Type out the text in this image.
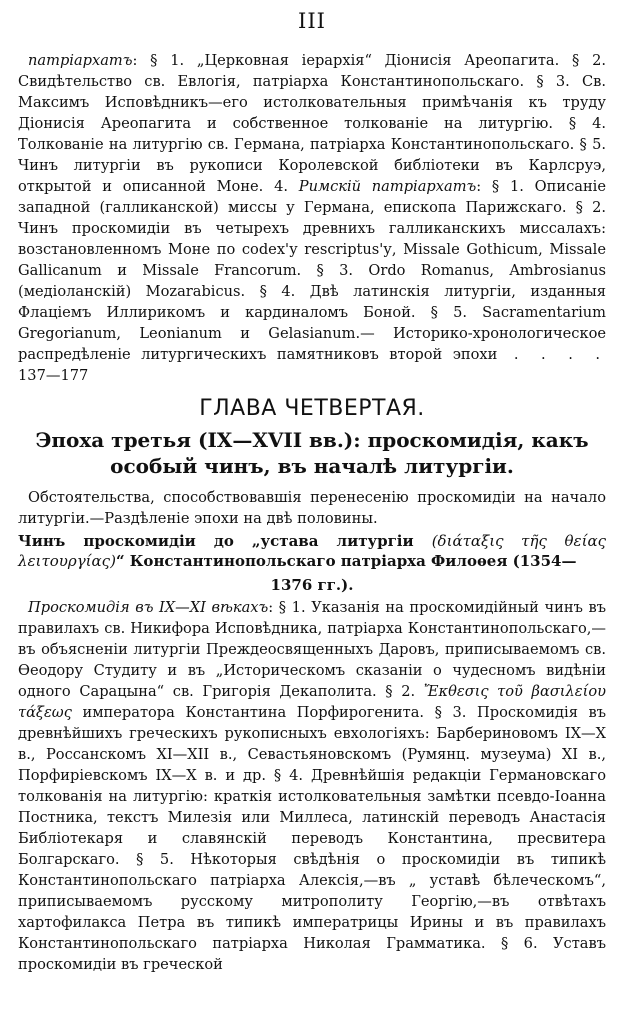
III

патріархатъ: § 1. „Церковная іерархія“ Діонисія Ареопагита. § 2. Свидѣтельство св. Евлогія, патріарха Константинопольскаго. § 3. Св. Максимъ Исповѣдникъ—его истолковательныя примѣчанія къ труду Діонисія Ареопагита и собственное толкованіе на литургію. § 4. Толкованіе на литургію св. Германа, патріарха Константинопольскаго. § 5. Чинъ литургіи въ рукописи Королевской библіотеки въ Карлсруэ, открытой и описанной Моне. 4. Римскій патріархатъ: § 1. Описаніе западной (галликанской) миссы у Германа, епископа Парижскаго. § 2. Чинъ проскомидіи въ четырехъ древнихъ галликанскихъ миссалахъ: возстановленномъ Моне по codex'у rescriptus'у, Missale Gothicum, Missale Gallicanum и Missale Francorum. § 3. Ordo Romanus, Ambrosianus (медіоланскій) Mozarabicus. § 4. Двѣ латинскія литургіи, изданныя Флаціемъ Иллирикомъ и кардиналомъ Боной. § 5. Sacramentarium Gregorianum, Leonianum и Gelasianum.— Историко-хронологическое распредѣленіе литургическихъ памятниковъ второй эпохи . . . . 137—177

ГЛАВА ЧЕТВЕРТАЯ.
Эпоха третья (IX—XVII вв.): проскомидія, какъ особый чинъ, въ началѣ литургіи.

Обстоятельства, способствовавшія перенесенію проскомидіи на начало литургіи.—Раздѣленіе эпохи на двѣ половины.

Чинъ проскомидіи до „устава литургіи (διάταξις τῆς θείας λειτουργίας)“ Константинопольскаго патріарха Филоѳея (1354—
1376 гг.).

Проскомидія въ IX—XI вѣкахъ: § 1. Указанія на проскомидійный чинъ въ правилахъ св. Никифора Исповѣдника, патріарха Константинопольскаго,—въ объясненіи литургіи Преждеосвященныхъ Даровъ, приписываемомъ св. Ѳеодору Студиту и въ „Историческомъ сказаніи о чудесномъ видѣніи одного Сарацына“ св. Григорія Декаполита. § 2. Ἔκθεσις τοῦ βασιλείου τάξεως императора Константина Порфирогенита. § 3. Проскомидія въ древнѣйшихъ греческихъ рукописныхъ евхологіяхъ: Барбериновомъ IX—X в., Россанскомъ XI—XII в., Севастьяновскомъ (Румянц. музеума) XI в., Порфиріевскомъ IX—X в. и др. § 4. Древнѣйшія редакціи Германовскаго толкованія на литургію: краткія истолковательныя замѣтки псевдо-Іоанна Постника, текстъ Милезія или Миллеса, латинскій переводъ Анастасія Библіотекаря и славянскій переводъ Константина, пресвитера Болгарскаго. § 5. Нѣкоторыя свѣдѣнія о проскомидіи въ типикѣ Константинопольскаго патріарха Алексія,—въ „ уставѣ бѣлеческомъ“, приписываемомъ русскому митрополиту Георгію,—въ отвѣтахъ хартофилакса Петра въ типикѣ императрицы Ирины и въ правилахъ Константинопольскаго патріарха Николая Грамматика. § 6. Уставъ проскомидіи въ греческой
